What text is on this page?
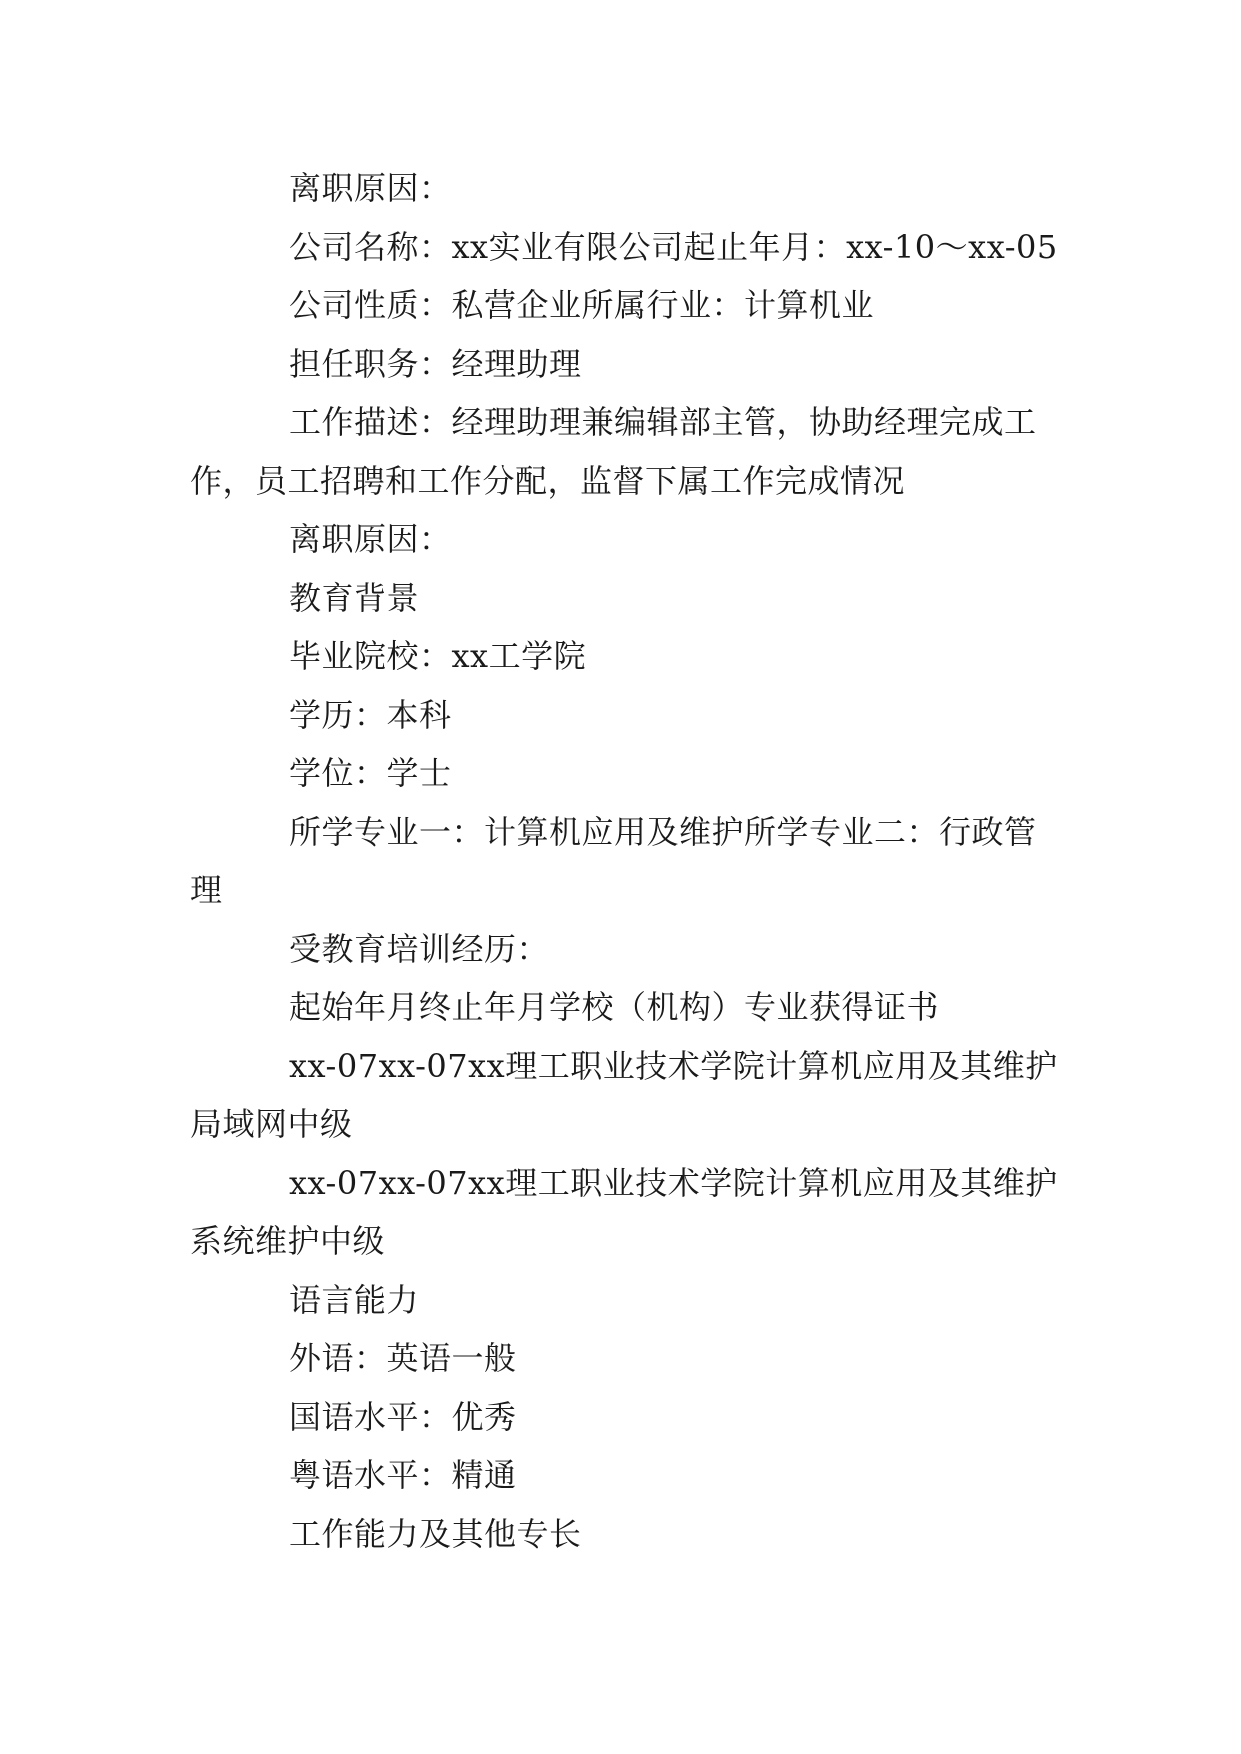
离职原因：

公司名称：xx实业有限公司起止年月：xx-10～xx-05

公司性质：私营企业所属行业：计算机业

担任职务：经理助理

工作描述：经理助理兼编辑部主管，协助经理完成工作，员工招聘和工作分配，监督下属工作完成情况

离职原因：

教育背景

毕业院校：xx工学院

学历：本科

学位：学士

所学专业一：计算机应用及维护所学专业二：行政管理

受教育培训经历：

起始年月终止年月学校（机构）专业获得证书

xx-07xx-07xx理工职业技术学院计算机应用及其维护局域网中级

xx-07xx-07xx理工职业技术学院计算机应用及其维护系统维护中级

语言能力

外语：英语一般

国语水平：优秀

粤语水平：精通

工作能力及其他专长
